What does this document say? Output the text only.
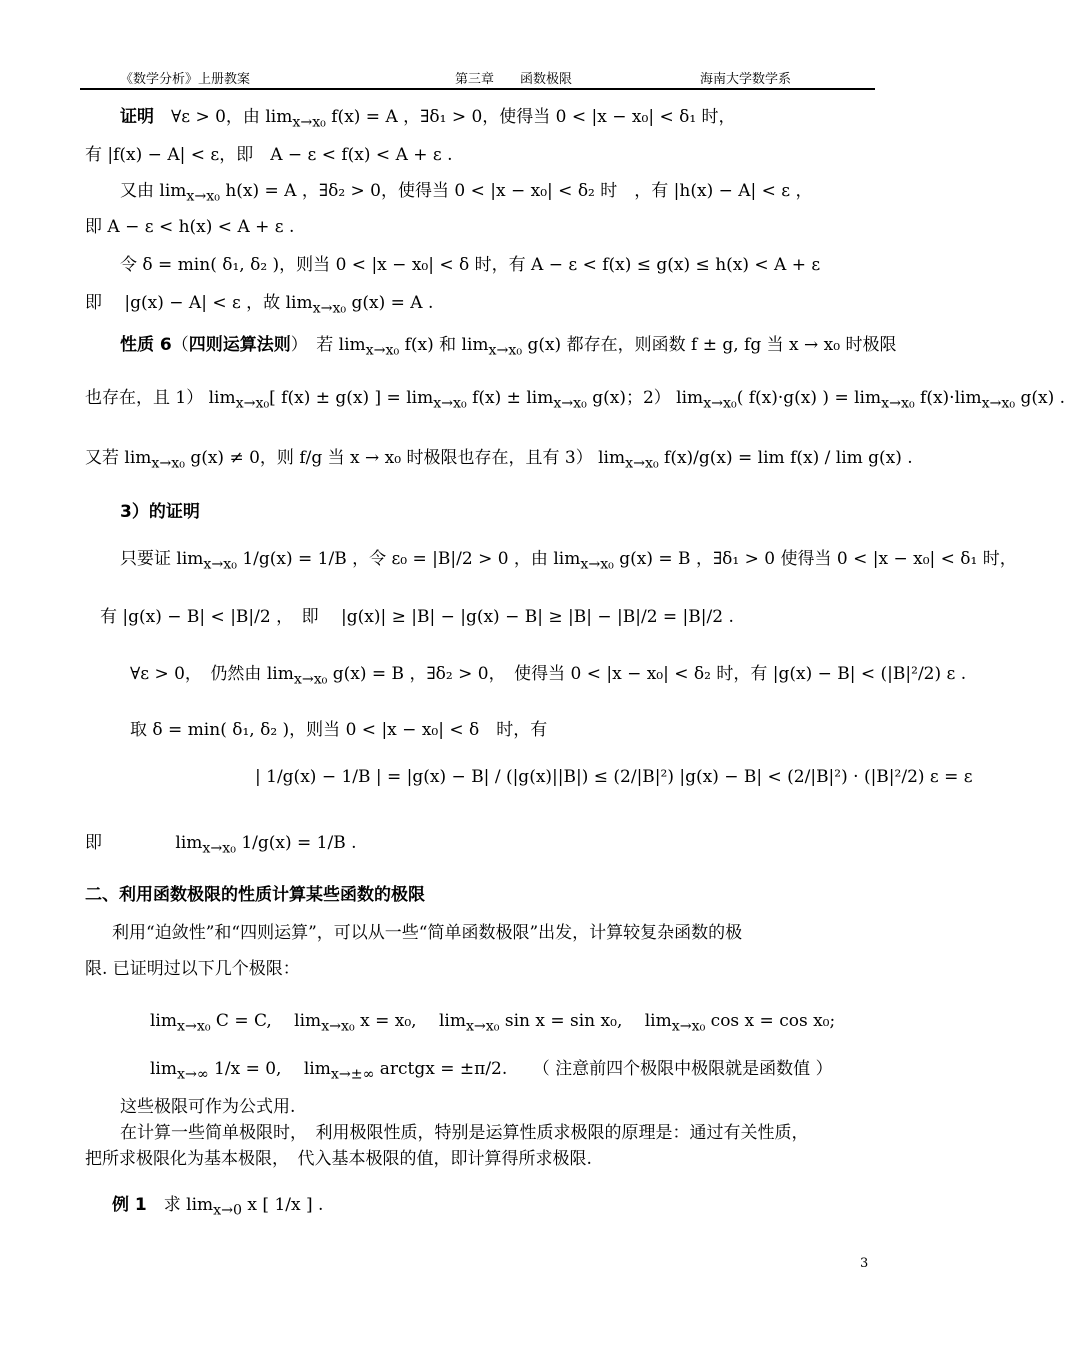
《数学分析》上册教案	第三章　　函数极限	海南大学数学系
证明　∀ε > 0，由 $\lim_{x\to x_0} f(x) = A$ ，∃δ₁ > 0，使得当 0 < |x − x₀| < δ₁ 时，
有 |f(x) − A| < ε，即　A − ε < f(x) < A + ε .
又由 $\lim_{x\to x_0} h(x) = A$ ，∃δ₂ > 0，使得当 0 < |x − x₀| < δ₂ 时　，有 |h(x) − A| < ε ，
即 A − ε < h(x) < A + ε .
令 δ = min( δ₁, δ₂ )，则当 0 < |x − x₀| < δ 时，有 A − ε < f(x) ≤ g(x) ≤ h(x) < A + ε
即　 |g(x) − A| < ε ，故 $\lim_{x\to x_0} g(x) = A$ .
性质 6（四则运算法则）　若 $\lim_{x\to x_0} f(x)$ 和 $\lim_{x\to x_0} g(x)$ 都存在，则函数 f ± g, fg 当 x → x₀ 时极限
也存在，且 1） $\lim_{x\to x_0}$[ f(x) ± g(x) ] = $\lim_{x\to x_0} f(x) \pm \lim_{x\to x_0} g(x)$；2） $\lim_{x\to x_0}$( f(x)·g(x) ) = $\lim_{x\to x_0} f(x)\cdot\lim_{x\to x_0}$ g(x) .
又若 $\lim_{x\to x_0} g(x) \ne 0$，则 f/g 当 x → x₀ 时极限也存在，且有 3） $\lim_{x\to x_0} f(x)/g(x) = \lim f(x) / \lim g(x)$ .
3）的证明
只要证 $\lim_{x\to x_0} 1/g(x) = 1/B$ ，令 ε₀ = |B|/2 > 0 ，由 $\lim_{x\to x_0} g(x) = B$ ，∃δ₁ > 0 使得当 0 < |x − x₀| < δ₁ 时，
有 |g(x) − B| < |B|/2 ，　即　 |g(x)| ≥ |B| − |g(x) − B| ≥ |B| − |B|/2 = |B|/2 .
∀ε > 0，　仍然由 $\lim_{x\to x_0} g(x) = B$ ，∃δ₂ > 0，　使得当 0 < |x − x₀| < δ₂ 时，有 |g(x) − B| < (|B|²/2) ε .
取 δ = min( δ₁, δ₂ )，则当 0 < |x − x₀| < δ　时，有
| 1/g(x) − 1/B | = |g(x) − B| / (|g(x)||B|) ≤ (2/|B|²) |g(x) − B| < (2/|B|²) · (|B|²/2) ε = ε
即　　　　 $\lim_{x\to x_0} 1/g(x) = 1/B$ .
二、利用函数极限的性质计算某些函数的极限
利用“迫敛性”和“四则运算”，可以从一些“简单函数极限”出发，计算较复杂函数的极
限. 已证明过以下几个极限：
$\lim_{x\to x_0} C = C$,　 $\lim_{x\to x_0} x = x_0$,　 $\lim_{x\to x_0} \sin x = \sin x_0$,　 $\lim_{x\to x_0} \cos x = \cos x_0$;
$\lim_{x\to\infty} 1/x = 0$,　 $\lim_{x\to\pm\infty}$ arctgx = ±π/2.　　（ 注意前四个极限中极限就是函数值 ）
这些极限可作为公式用.
在计算一些简单极限时，　利用极限性质，特别是运算性质求极限的原理是：通过有关性质，
把所求极限化为基本极限，　代入基本极限的值，即计算得所求极限.
例 1　求 $\lim_{x\to 0} x$ [ 1/x ] .
3
